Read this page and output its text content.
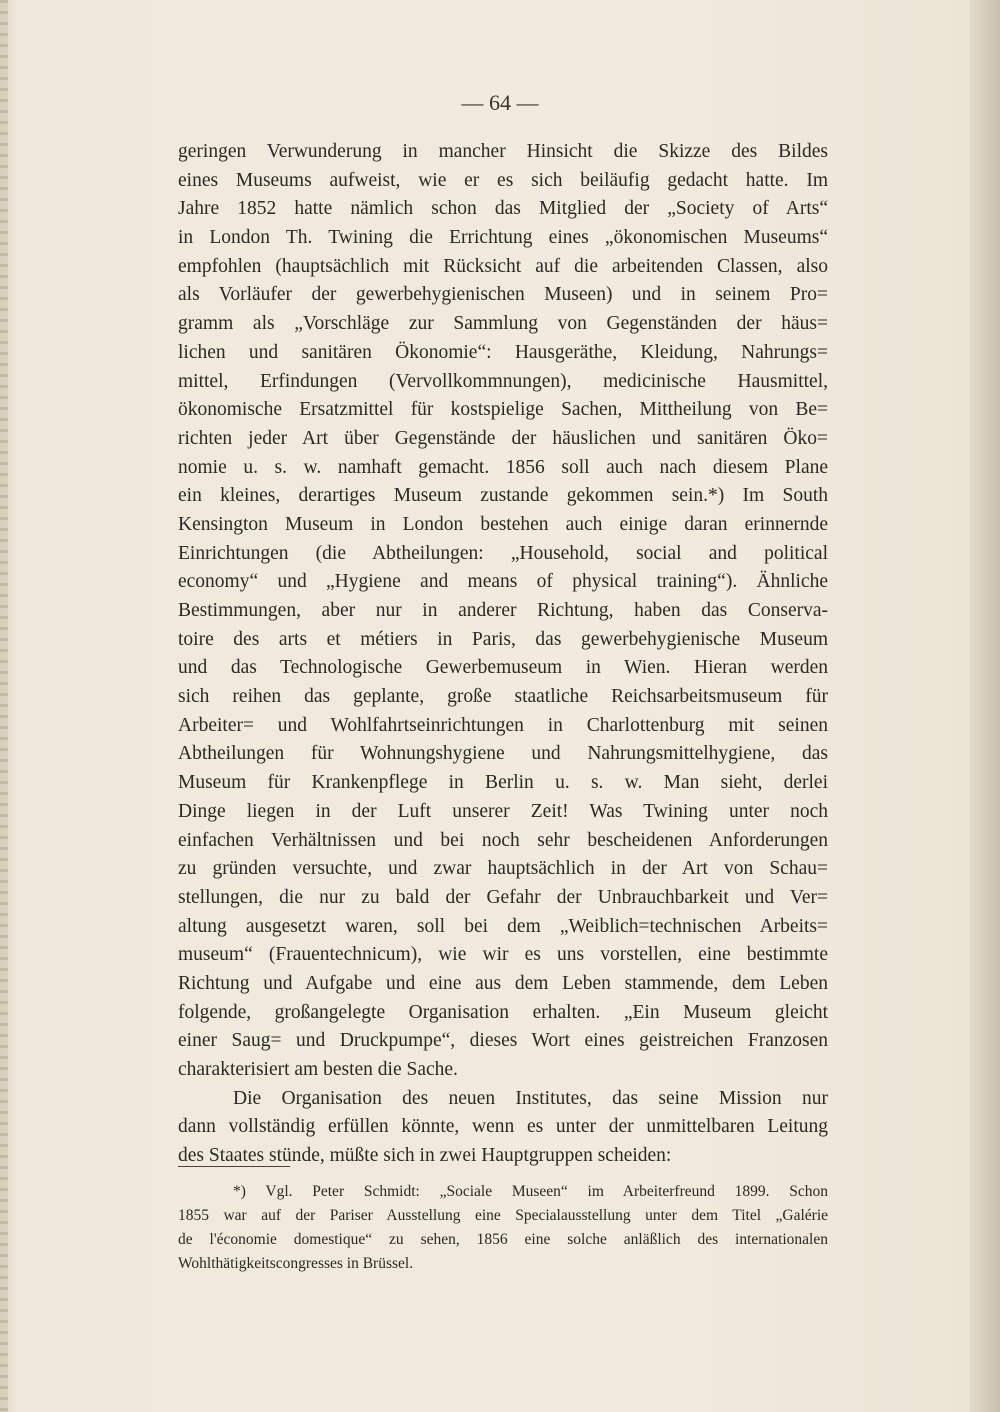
— 64 —
geringen Verwunderung in mancher Hinsicht die Skizze des Bildes
eines Museums aufweist, wie er es sich beiläufig gedacht hatte. Im
Jahre 1852 hatte nämlich schon das Mitglied der „Society of Arts“
in London Th. Twining die Errichtung eines „ökonomischen Museums“
empfohlen (hauptsächlich mit Rücksicht auf die arbeitenden Classen, also
als Vorläufer der gewerbehygienischen Museen) und in seinem Pro=
gramm als „Vorschläge zur Sammlung von Gegenständen der häus=
lichen und sanitären Ökonomie“: Hausgeräthe, Kleidung, Nahrungs=
mittel, Erfindungen (Vervollkommnungen), medicinische Hausmittel,
ökonomische Ersatzmittel für kostspielige Sachen, Mittheilung von Be=
richten jeder Art über Gegenstände der häuslichen und sanitären Öko=
nomie u. s. w. namhaft gemacht. 1856 soll auch nach diesem Plane
ein kleines, derartiges Museum zustande gekommen sein.*) Im South
Kensington Museum in London bestehen auch einige daran erinnernde
Einrichtungen (die Abtheilungen: „Household, social and political
economy“ und „Hygiene and means of physical training“). Ähnliche
Bestimmungen, aber nur in anderer Richtung, haben das Conserva-
toire des arts et métiers in Paris, das gewerbehygienische Museum
und das Technologische Gewerbemuseum in Wien. Hieran werden
sich reihen das geplante, große staatliche Reichsarbeitsmuseum für
Arbeiter= und Wohlfahrtseinrichtungen in Charlottenburg mit seinen
Abtheilungen für Wohnungshygiene und Nahrungsmittelhygiene, das
Museum für Krankenpflege in Berlin u. s. w. Man sieht, derlei
Dinge liegen in der Luft unserer Zeit! Was Twining unter noch
einfachen Verhältnissen und bei noch sehr bescheidenen Anforderungen
zu gründen versuchte, und zwar hauptsächlich in der Art von Schau=
stellungen, die nur zu bald der Gefahr der Unbrauchbarkeit und Ver=
altung ausgesetzt waren, soll bei dem „Weiblich=technischen Arbeits=
museum“ (Frauentechnicum), wie wir es uns vorstellen, eine bestimmte
Richtung und Aufgabe und eine aus dem Leben stammende, dem Leben
folgende, großangelegte Organisation erhalten. „Ein Museum gleicht
einer Saug= und Druckpumpe“, dieses Wort eines geistreichen Franzosen
charakterisiert am besten die Sache.
Die Organisation des neuen Institutes, das seine Mission nur
dann vollständig erfüllen könnte, wenn es unter der unmittelbaren Leitung
des Staates stünde, müßte sich in zwei Hauptgruppen scheiden:
*) Vgl. Peter Schmidt: „Sociale Museen“ im Arbeiterfreund 1899. Schon
1855 war auf der Pariser Ausstellung eine Specialausstellung unter dem Titel „Galérie
de l'économie domestique“ zu sehen, 1856 eine solche anläßlich des internationalen
Wohlthätigkeitscongresses in Brüssel.
